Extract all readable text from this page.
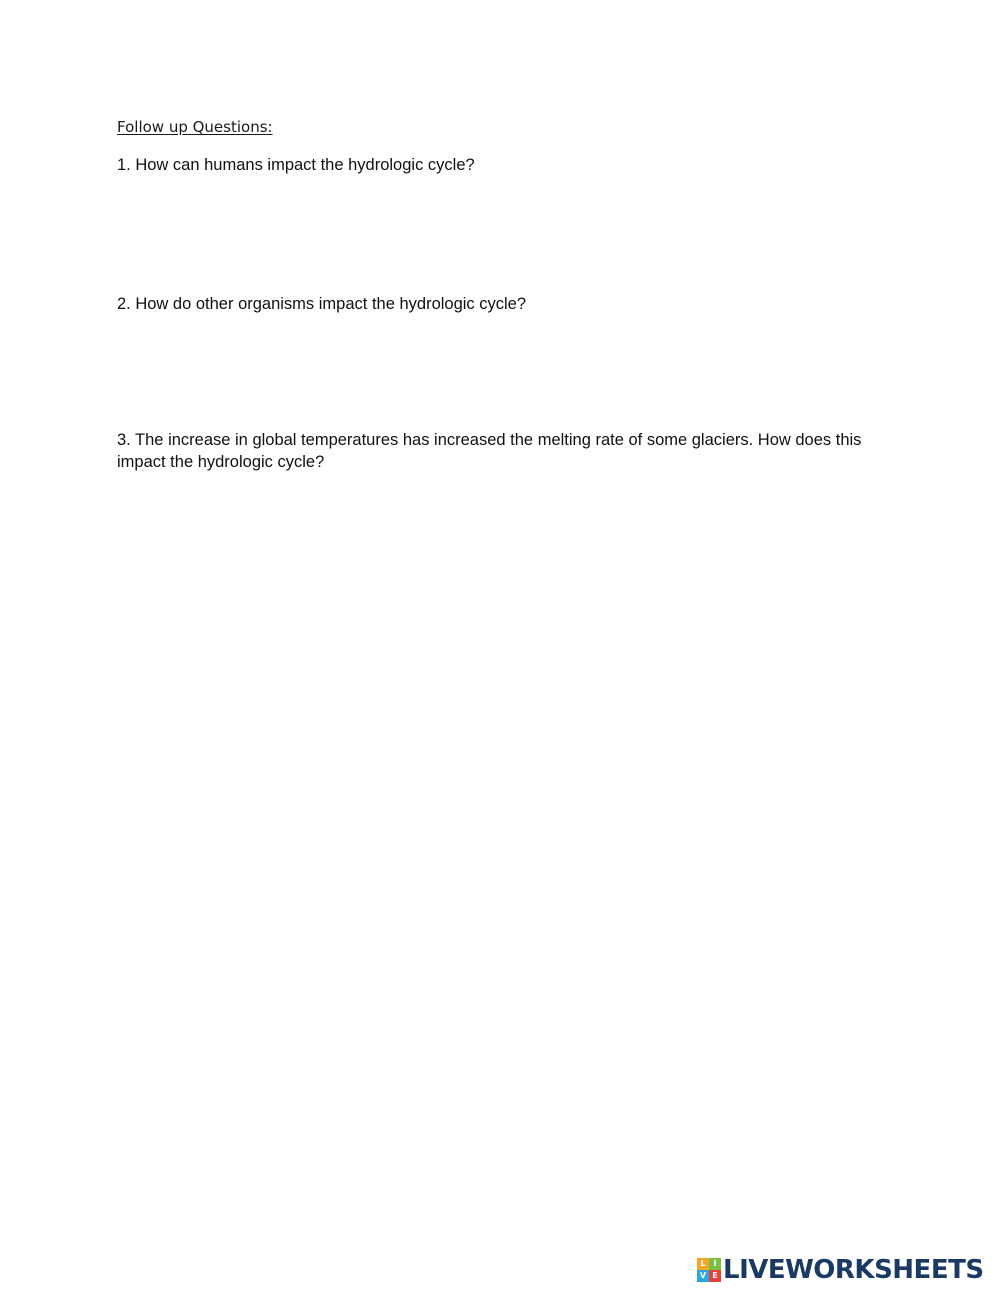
Follow up Questions:
1. How can humans impact the hydrologic cycle?
2. How do other organisms impact the hydrologic cycle?
3. The increase in global temperatures has increased the melting rate of some glaciers. How does this impact the hydrologic cycle?
L I
V E LIVEWORKSHEETS
